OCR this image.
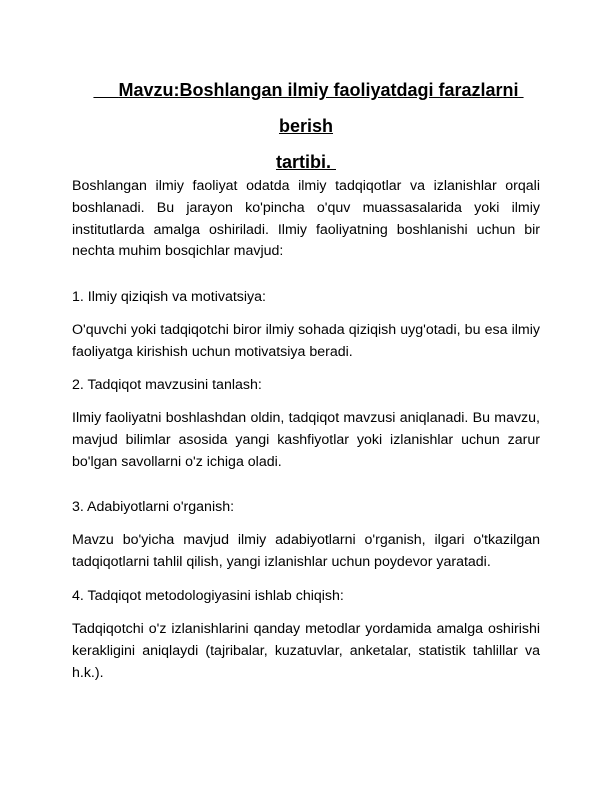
Mavzu:Boshlangan ilmiy faoliyatdagi farazlarni berish
tartibi.

Boshlangan ilmiy faoliyat odatda ilmiy tadqiqotlar va izlanishlar orqali boshlanadi. Bu jarayon ko'pincha o'quv muassasalarida yoki ilmiy institutlarda amalga oshiriladi. Ilmiy faoliyatning boshlanishi uchun bir nechta muhim bosqichlar mavjud:

1. Ilmiy qiziqish va motivatsiya:

O'quvchi yoki tadqiqotchi biror ilmiy sohada qiziqish uyg'otadi, bu esa ilmiy faoliyatga kirishish uchun motivatsiya beradi.

2. Tadqiqot mavzusini tanlash:

Ilmiy faoliyatni boshlashdan oldin, tadqiqot mavzusi aniqlanadi. Bu mavzu, mavjud bilimlar asosida yangi kashfiyotlar yoki izlanishlar uchun zarur bo'lgan savollarni o'z ichiga oladi.

3. Adabiyotlarni o'rganish:

Mavzu bo'yicha mavjud ilmiy adabiyotlarni o'rganish, ilgari o'tkazilgan tadqiqotlarni tahlil qilish, yangi izlanishlar uchun poydevor yaratadi.

4. Tadqiqot metodologiyasini ishlab chiqish:

Tadqiqotchi o'z izlanishlarini qanday metodlar yordamida amalga oshirishi kerakligini aniqlaydi (tajribalar, kuzatuvlar, anketalar, statistik tahlillar va h.k.).
